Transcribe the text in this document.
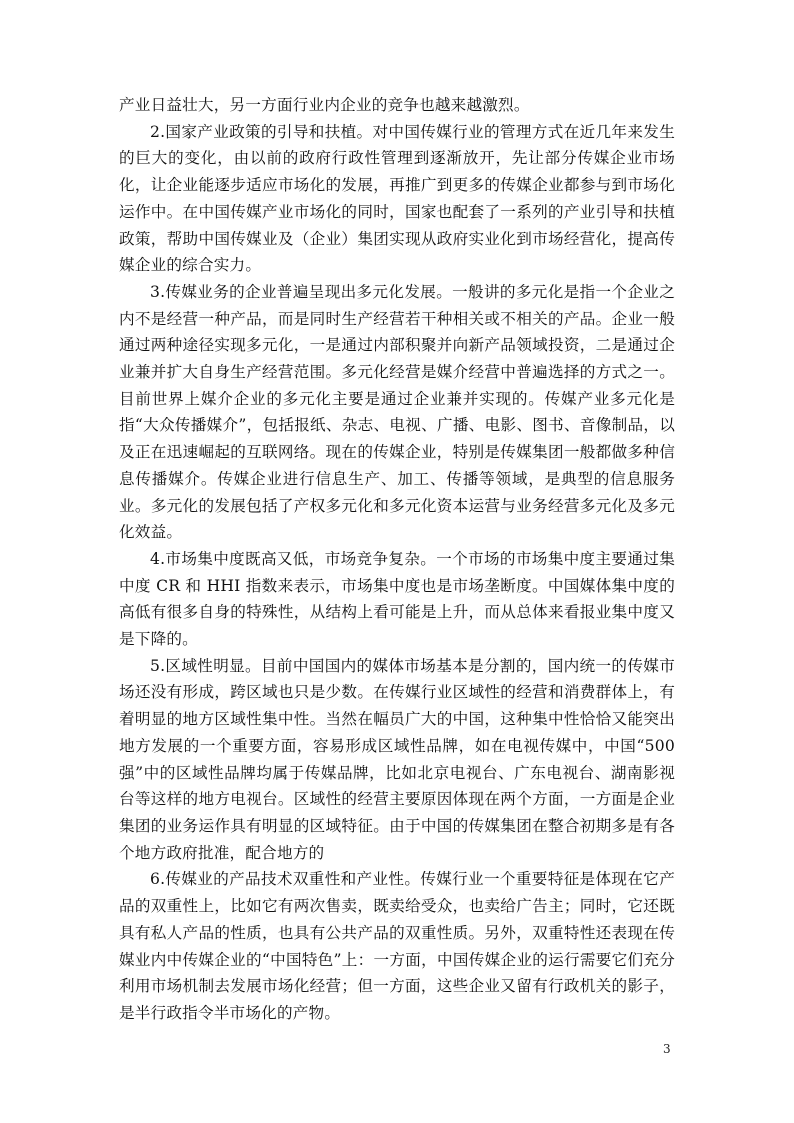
产业日益壮大，另一方面行业内企业的竞争也越来越激烈。

2.国家产业政策的引导和扶植。对中国传媒行业的管理方式在近几年来发生的巨大的变化，由以前的政府行政性管理到逐渐放开，先让部分传媒企业市场化，让企业能逐步适应市场化的发展，再推广到更多的传媒企业都参与到市场化运作中。在中国传媒产业市场化的同时，国家也配套了一系列的产业引导和扶植政策，帮助中国传媒业及（企业）集团实现从政府实业化到市场经营化，提高传媒企业的综合实力。

3.传媒业务的企业普遍呈现出多元化发展。一般讲的多元化是指一个企业之内不是经营一种产品，而是同时生产经营若干种相关或不相关的产品。企业一般通过两种途径实现多元化，一是通过内部积聚并向新产品领域投资，二是通过企业兼并扩大自身生产经营范围。多元化经营是媒介经营中普遍选择的方式之一。目前世界上媒介企业的多元化主要是通过企业兼并实现的。传媒产业多元化是指“大众传播媒介”，包括报纸、杂志、电视、广播、电影、图书、音像制品，以及正在迅速崛起的互联网络。现在的传媒企业，特别是传媒集团一般都做多种信息传播媒介。传媒企业进行信息生产、加工、传播等领域，是典型的信息服务业。多元化的发展包括了产权多元化和多元化资本运营与业务经营多元化及多元化效益。

4.市场集中度既高又低，市场竞争复杂。一个市场的市场集中度主要通过集中度 CR 和 HHI 指数来表示，市场集中度也是市场垄断度。中国媒体集中度的高低有很多自身的特殊性，从结构上看可能是上升，而从总体来看报业集中度又是下降的。

5.区域性明显。目前中国国内的媒体市场基本是分割的，国内统一的传媒市场还没有形成，跨区域也只是少数。在传媒行业区域性的经营和消费群体上，有着明显的地方区域性集中性。当然在幅员广大的中国，这种集中性恰恰又能突出地方发展的一个重要方面，容易形成区域性品牌，如在电视传媒中，中国“500强”中的区域性品牌均属于传媒品牌，比如北京电视台、广东电视台、湖南影视台等这样的地方电视台。区域性的经营主要原因体现在两个方面，一方面是企业集团的业务运作具有明显的区域特征。由于中国的传媒集团在整合初期多是有各个地方政府批准，配合地方的

6.传媒业的产品技术双重性和产业性。传媒行业一个重要特征是体现在它产品的双重性上，比如它有两次售卖，既卖给受众，也卖给广告主；同时，它还既具有私人产品的性质，也具有公共产品的双重性质。另外，双重特性还表现在传媒业内中传媒企业的“中国特色”上：一方面，中国传媒企业的运行需要它们充分利用市场机制去发展市场化经营；但一方面，这些企业又留有行政机关的影子，是半行政指令半市场化的产物。

3
